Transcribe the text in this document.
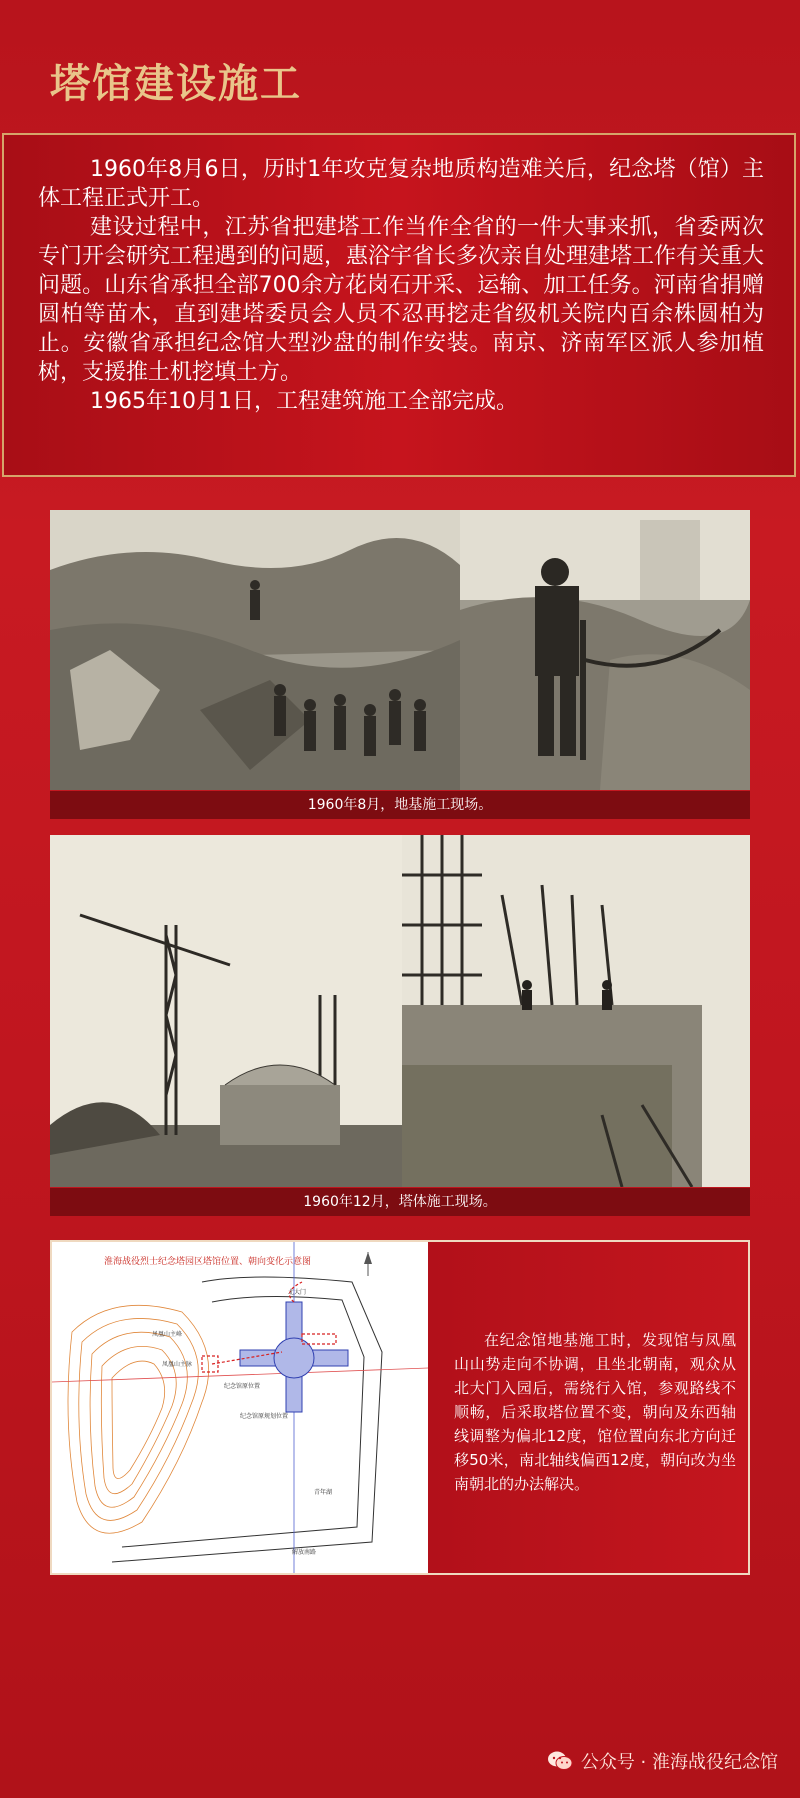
塔馆建设施工

1960年8月6日，历时1年攻克复杂地质构造难关后，纪念塔（馆）主体工程正式开工。

建设过程中，江苏省把建塔工作当作全省的一件大事来抓，省委两次专门开会研究工程遇到的问题，惠浴宇省长多次亲自处理建塔工作有关重大问题。山东省承担全部700余方花岗石开采、运输、加工任务。河南省捐赠圆柏等苗木，直到建塔委员会人员不忍再挖走省级机关院内百余株圆柏为止。安徽省承担纪念馆大型沙盘的制作安装。南京、济南军区派人参加植树，支援推土机挖填土方。

1965年10月1日，工程建筑施工全部完成。

1960年8月，地基施工现场。
1960年12月，塔体施工现场。
淮海战役烈士纪念塔园区塔馆位置、朝向变化示意图
北大门
纪念馆原位置
纪念馆原规划位置
凤凰山主峰
凤凰山主脉
解放南路
青年湖

在纪念馆地基施工时，发现馆与凤凰山山势走向不协调，且坐北朝南，观众从北大门入园后，需绕行入馆，参观路线不顺畅，后采取塔位置不变，朝向及东西轴线调整为偏北12度，馆位置向东北方向迁移50米，南北轴线偏西12度，朝向改为坐南朝北的办法解决。

公众号 · 淮海战役纪念馆
